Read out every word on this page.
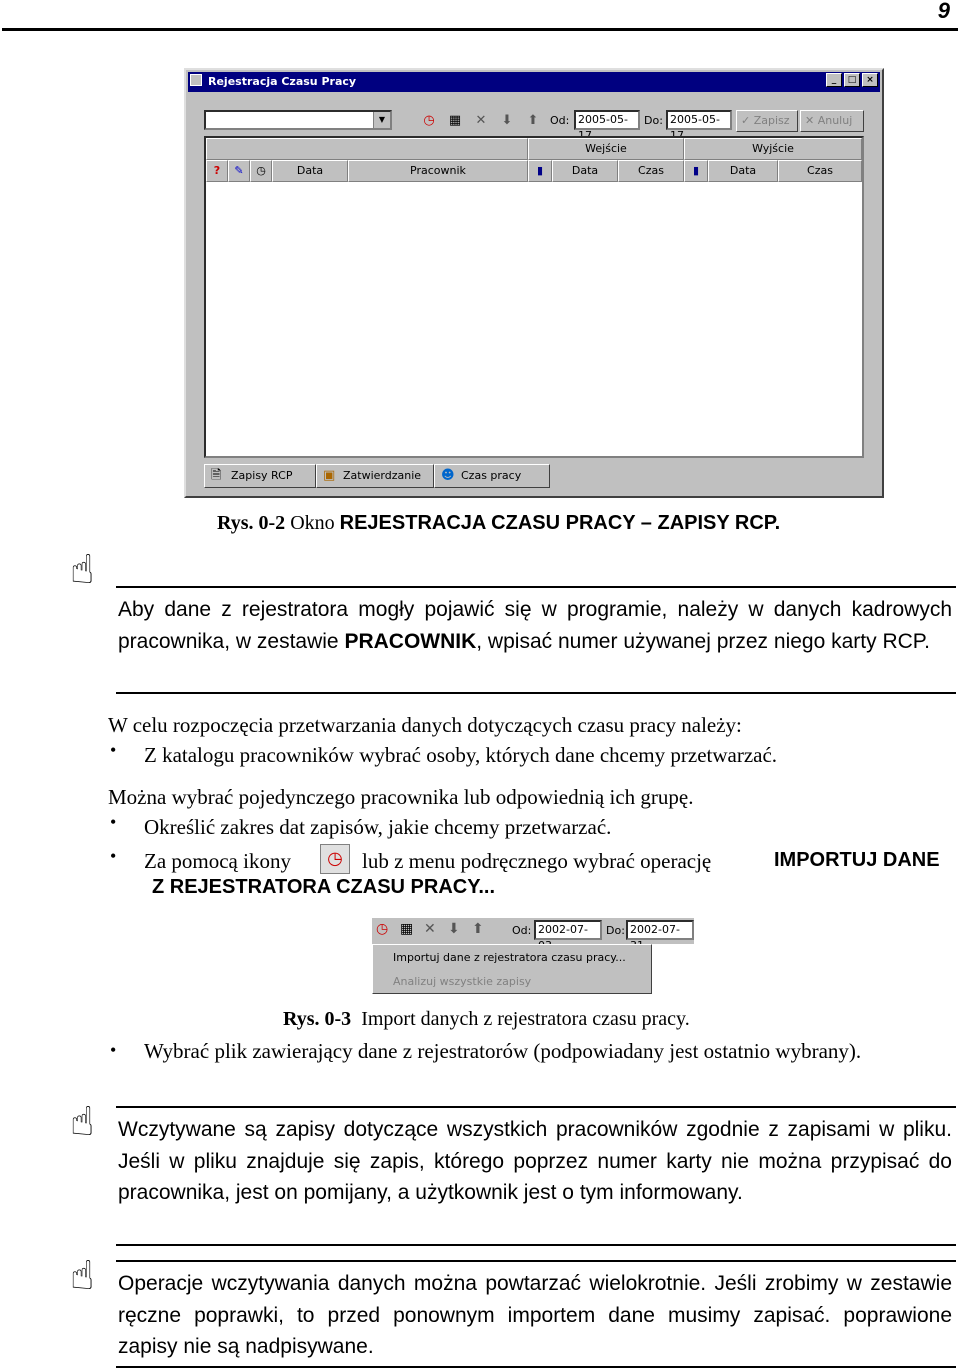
9
Rejestracja Czasu Pracy	_	□	×
▼	◷	▦	✕	⬇	⬆	Od: 2005-05-	Do: 2005-05-	✓ Zapisz	✕ Anuluj
Wejście	Wyjście
?	✎	◷	Data	Pracownik	▮	Data	Czas	▮	Data	Czas
🗎 Zapisy RCP	▣ Zatwierdzanie	☻ Czas pracy
Rys. 0-2 Okno REJESTRACJA CZASU PRACY – ZAPISY RCP.
☝
Aby dane z rejestratora mogły pojawić się w programie, należy w danych kadrowych pracownika, w zestawie PRACOWNIK, wpisać numer używanej przez niego karty RCP.
W celu rozpoczęcia przetwarzania danych dotyczących czasu pracy należy:
• Z katalogu pracowników wybrać osoby, których dane chcemy przetwarzać.
Można wybrać pojedynczego pracownika lub odpowiednią ich grupę.
• Określić zakres dat zapisów, jakie chcemy przetwarzać.
• Za pomocą ikony	◷ lub z menu podręcznego wybrać operację	IMPORTUJ DANE
Z REJESTRATORA CZASU PRACY...
◷ ▦ ✕ ⬇ ⬆	Od: 2002-07-	Do: 2002-07-
Importuj dane z rejestratora czasu pracy...
Analizuj wszystkie zapisy
Rys. 0-3 Import danych z rejestratora czasu pracy.
• Wybrać plik zawierający dane z rejestratorów (podpowiadany jest ostatnio wybrany).
☝ Wczytywane są zapisy dotyczące wszystkich pracowników zgodnie z zapisami w pliku. Jeśli w pliku znajduje się zapis, którego poprzez numer karty nie można przypisać do pracownika, jest on pomijany, a użytkownik jest o tym informowany.
☝ Operacje wczytywania danych można powtarzać wielokrotnie. Jeśli zrobimy w zestawie ręczne poprawki, to przed ponownym importem dane musimy zapisać. poprawione zapisy nie są nadpisywane.
